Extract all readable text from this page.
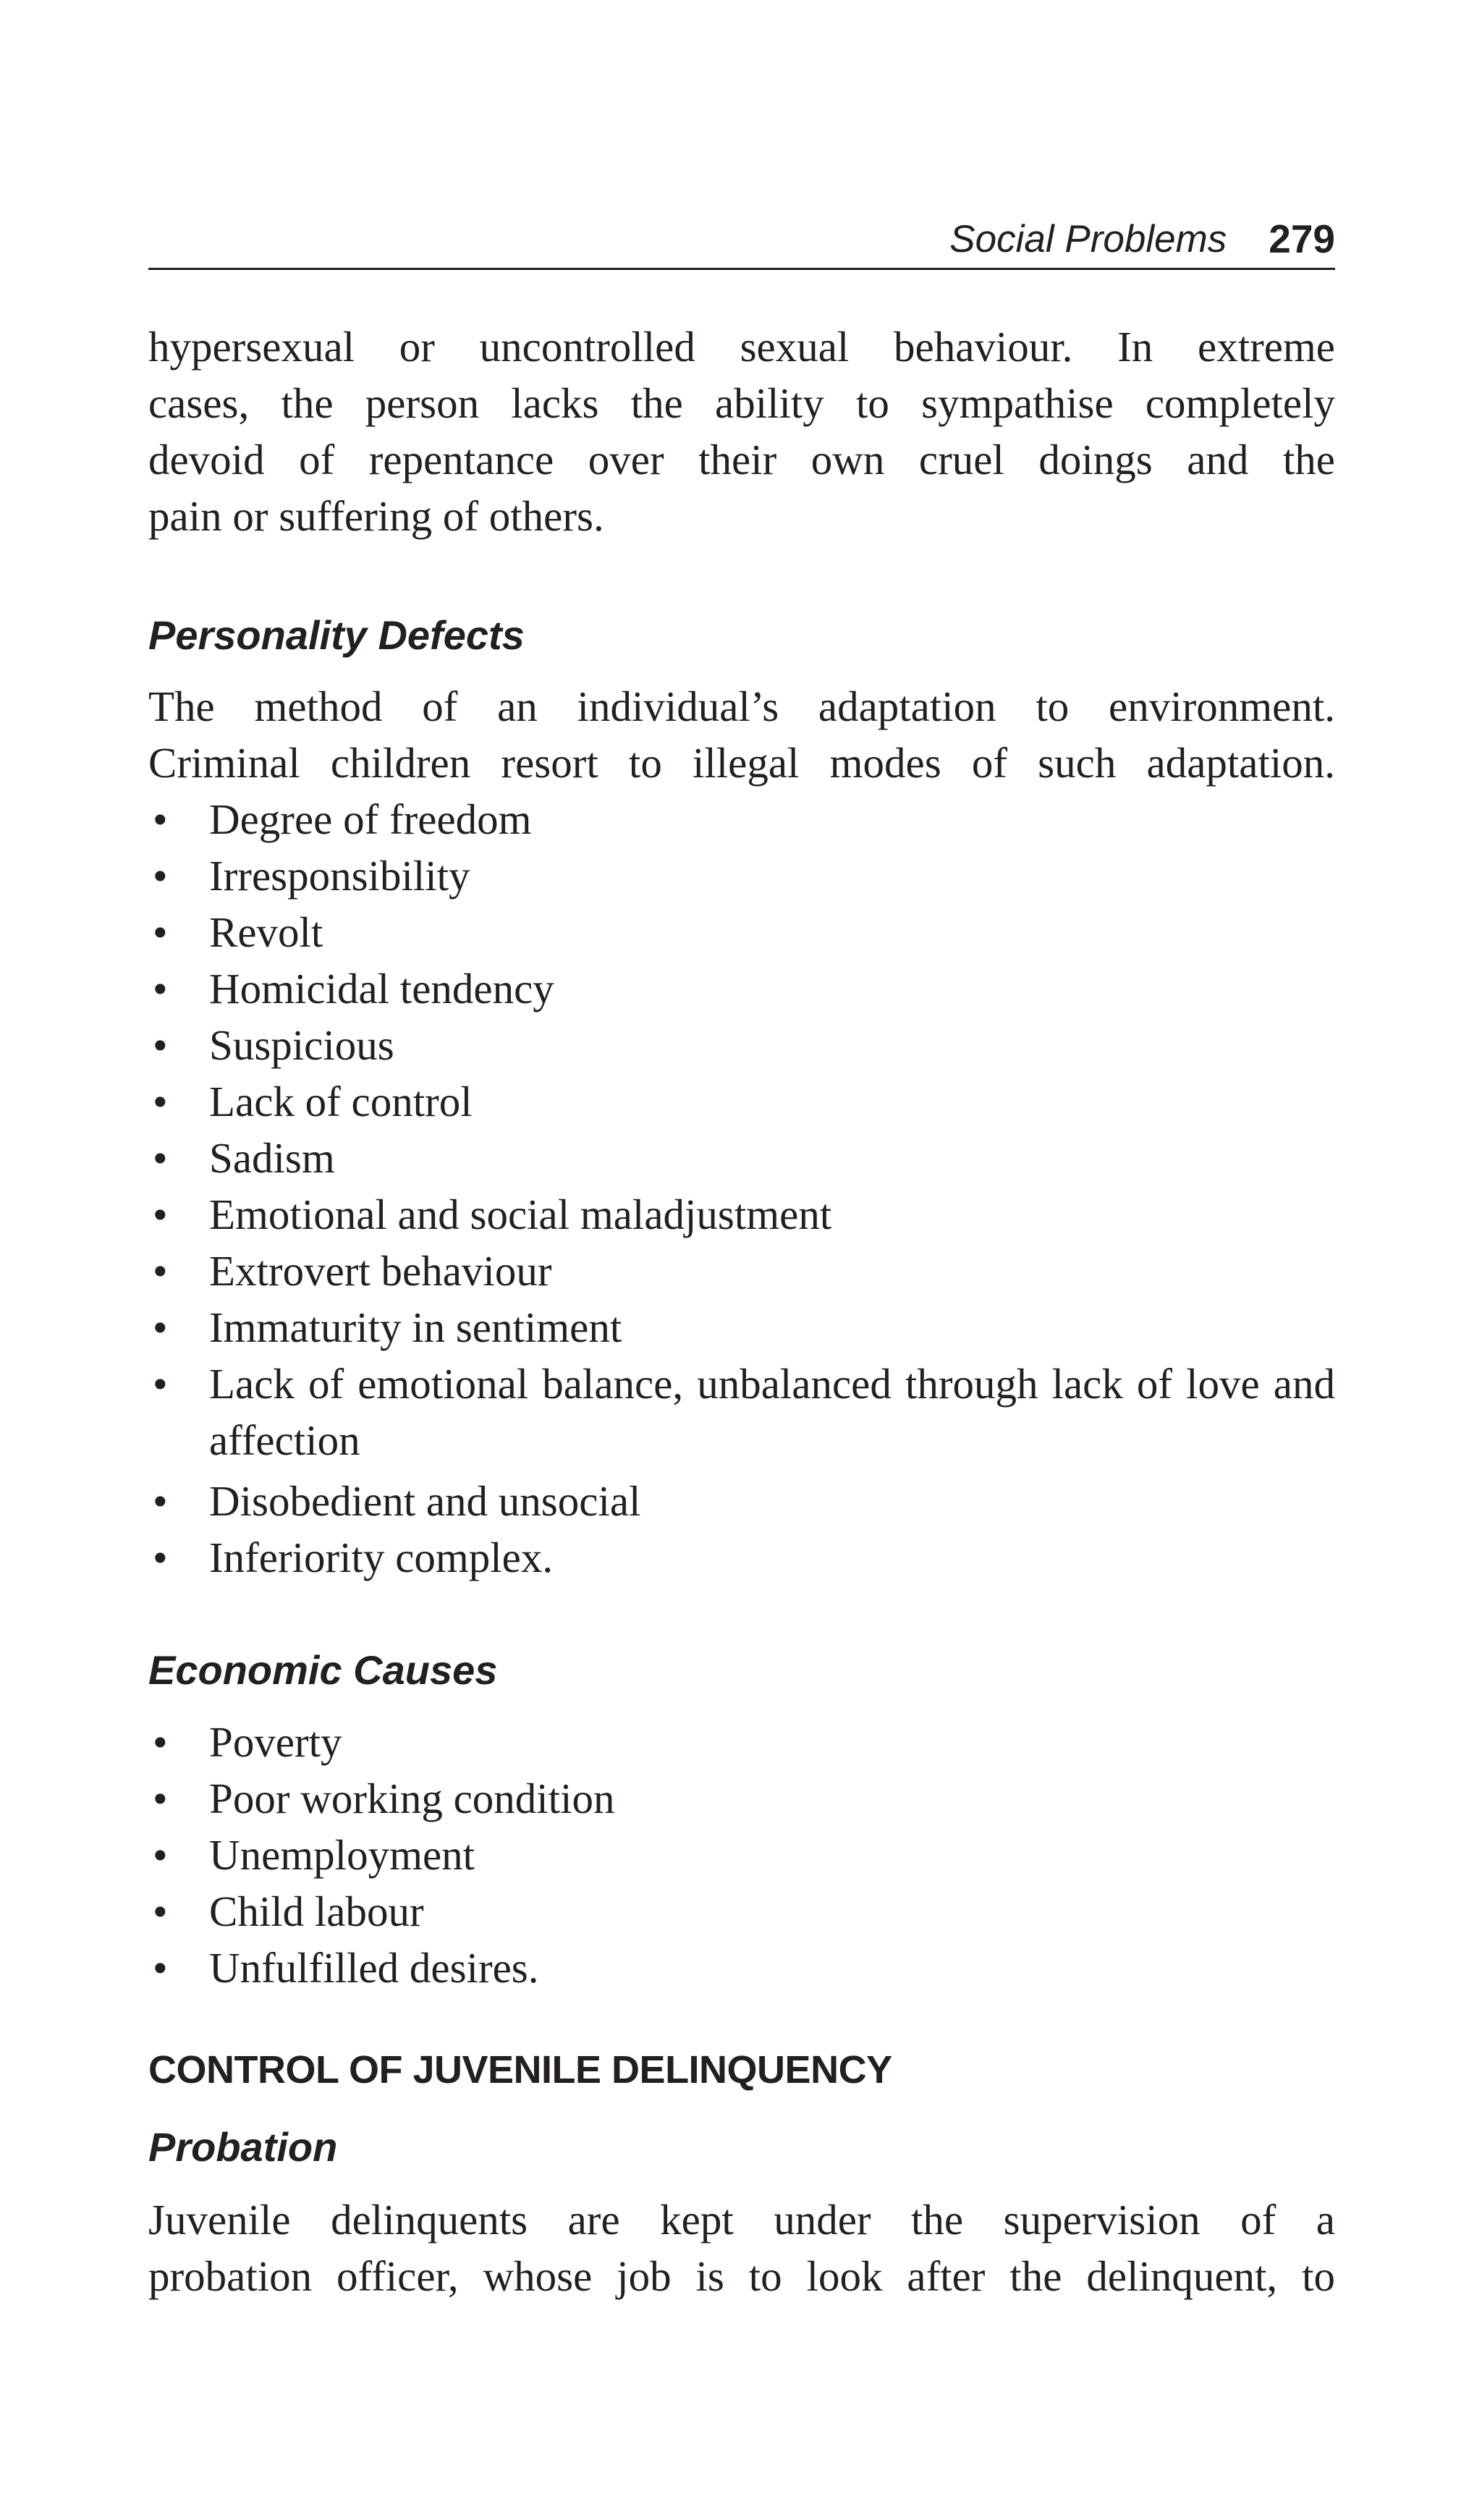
Social Problems 279

hypersexual or uncontrolled sexual behaviour. In extreme

cases, the person lacks the ability to sympathise completely

devoid of repentance over their own cruel doings and the

pain or suffering of others.

Personality Defects

The method of an individual’s adaptation to environment.

Criminal children resort to illegal modes of such adaptation.

• Degree of freedom
• Irresponsibility
• Revolt
• Homicidal tendency
• Suspicious
• Lack of control
• Sadism
• Emotional and social maladjustment
• Extrovert behaviour
• Immaturity in sentiment
• Lack of emotional balance, unbalanced through lack of love and affection
• Disobedient and unsocial
• Inferiority complex.
Economic Causes
• Poverty
• Poor working condition
• Unemployment
• Child labour
• Unfulfilled desires.
CONTROL OF JUVENILE DELINQUENCY
Probation

Juvenile delinquents are kept under the supervision of a

probation officer, whose job is to look after the delinquent, to
